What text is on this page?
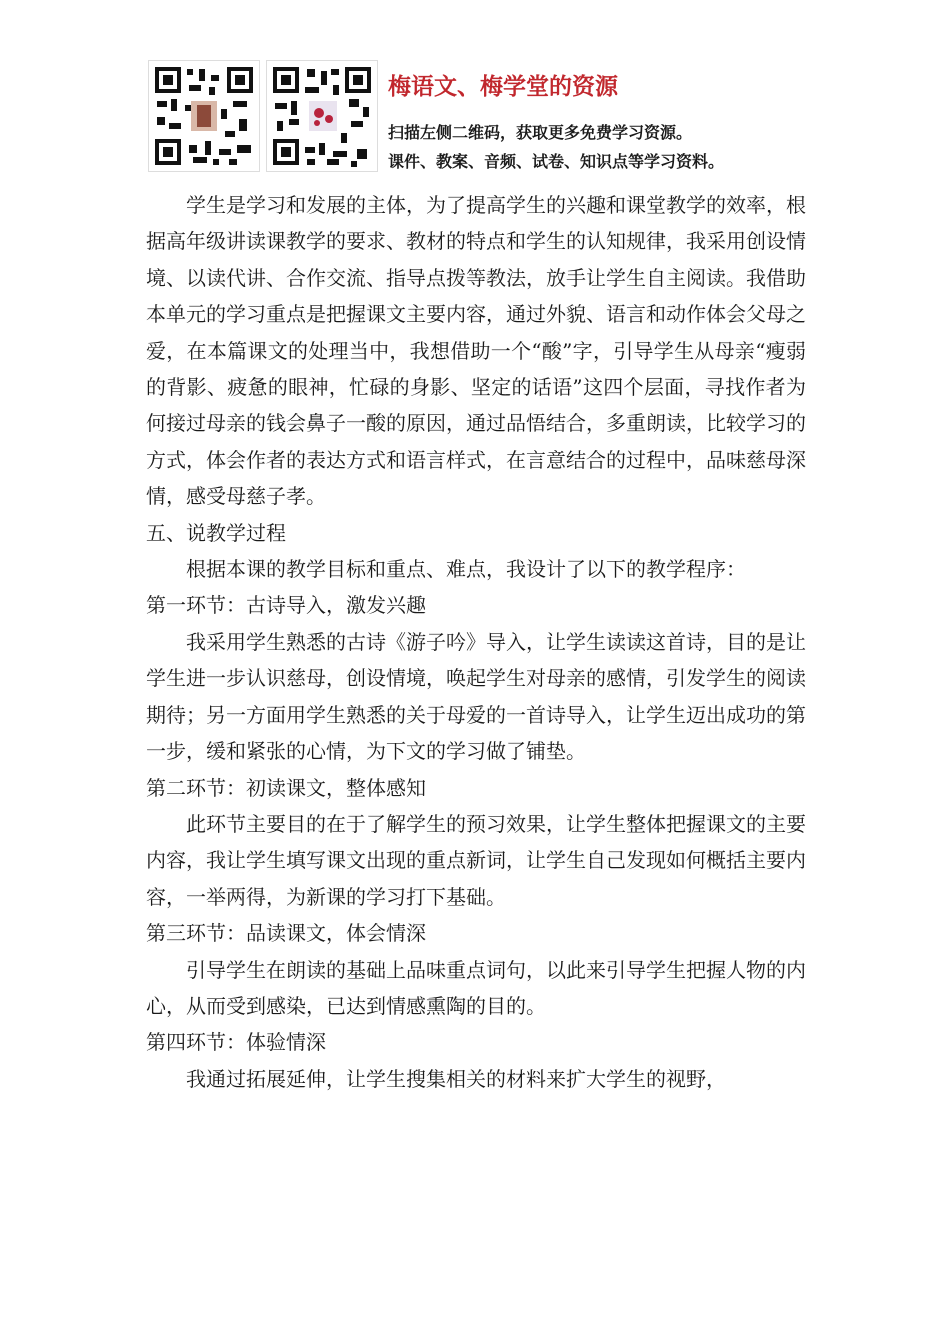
梅语文、梅学堂的资源
扫描左侧二维码，获取更多免费学习资源。
课件、教案、音频、试卷、知识点等学习资料。

学生是学习和发展的主体，为了提高学生的兴趣和课堂教学的效率，根据高年级讲读课教学的要求、教材的特点和学生的认知规律，我采用创设情境、以读代讲、合作交流、指导点拨等教法，放手让学生自主阅读。我借助本单元的学习重点是把握课文主要内容，通过外貌、语言和动作体会父母之爱，在本篇课文的处理当中，我想借助一个“酸”字，引导学生从母亲“瘦弱的背影、疲惫的眼神，忙碌的身影、坚定的话语”这四个层面，寻找作者为何接过母亲的钱会鼻子一酸的原因，通过品悟结合，多重朗读，比较学习的方式，体会作者的表达方式和语言样式，在言意结合的过程中，品味慈母深情，感受母慈子孝。

五、说教学过程

根据本课的教学目标和重点、难点，我设计了以下的教学程序：

第一环节：古诗导入，激发兴趣

我采用学生熟悉的古诗《游子吟》导入，让学生读读这首诗，目的是让学生进一步认识慈母，创设情境，唤起学生对母亲的感情，引发学生的阅读期待；另一方面用学生熟悉的关于母爱的一首诗导入，让学生迈出成功的第一步，缓和紧张的心情，为下文的学习做了铺垫。

第二环节：初读课文，整体感知

此环节主要目的在于了解学生的预习效果，让学生整体把握课文的主要内容，我让学生填写课文出现的重点新词，让学生自己发现如何概括主要内容，一举两得，为新课的学习打下基础。

第三环节：品读课文，体会情深

引导学生在朗读的基础上品味重点词句，以此来引导学生把握人物的内心，从而受到感染，已达到情感熏陶的目的。

第四环节：体验情深

我通过拓展延伸，让学生搜集相关的材料来扩大学生的视野，
